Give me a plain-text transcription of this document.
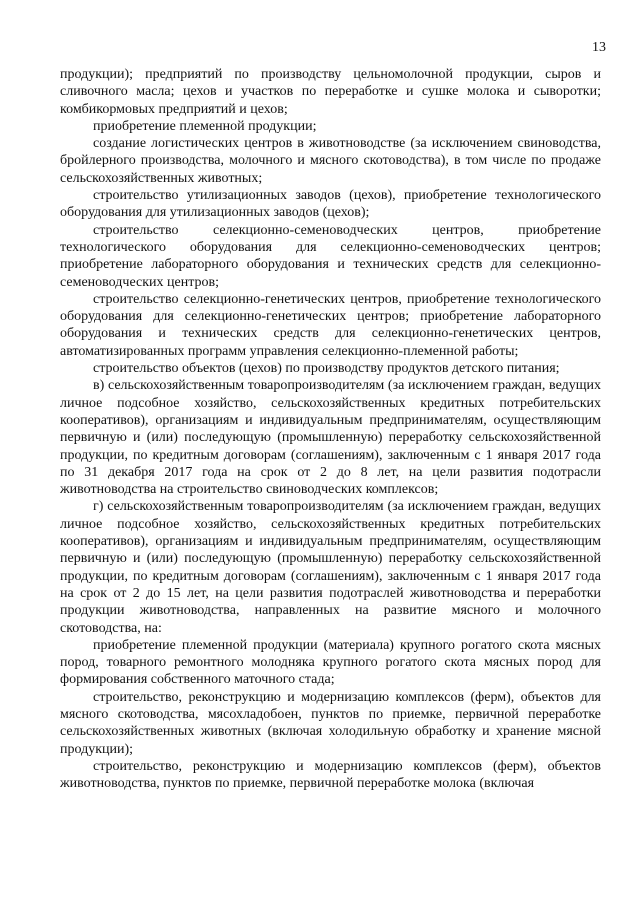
13

продукции); предприятий по производству цельномолочной продукции, сыров и сливочного масла; цехов и участков по переработке и сушке молока и сыворотки; комбикормовых предприятий и цехов;

приобретение племенной продукции;

создание логистических центров в животноводстве (за исключением свиноводства, бройлерного производства, молочного и мясного скотоводства), в том числе по продаже сельскохозяйственных животных;

строительство утилизационных заводов (цехов), приобретение технологического оборудования для утилизационных заводов (цехов);

строительство селекционно-семеноводческих центров, приобретение технологического оборудования для селекционно-семеноводческих центров; приобретение лабораторного оборудования и технических средств для селекционно-семеноводческих центров;

строительство селекционно-генетических центров, приобретение технологического оборудования для селекционно-генетических центров; приобретение лабораторного оборудования и технических средств для селекционно-генетических центров, автоматизированных программ управления селекционно-племенной работы;

строительство объектов (цехов) по производству продуктов детского питания;

в) сельскохозяйственным товаропроизводителям (за исключением граждан, ведущих личное подсобное хозяйство, сельскохозяйственных кредитных потребительских кооперативов), организациям и индивидуальным предпринимателям, осуществляющим первичную и (или) последующую (промышленную) переработку сельскохозяйственной продукции, по кредитным договорам (соглашениям), заключенным с 1 января 2017 года по 31 декабря 2017 года на срок от 2 до 8 лет, на цели развития подотрасли животноводства на строительство свиноводческих комплексов;

г) сельскохозяйственным товаропроизводителям (за исключением граждан, ведущих личное подсобное хозяйство, сельскохозяйственных кредитных потребительских кооперативов), организациям и индивидуальным предпринимателям, осуществляющим первичную и (или) последующую (промышленную) переработку сельскохозяйственной продукции, по кредитным договорам (соглашениям), заключенным с 1 января 2017 года на срок от 2 до 15 лет, на цели развития подотраслей животноводства и переработки продукции животноводства, направленных на развитие мясного и молочного скотоводства, на:

приобретение племенной продукции (материала) крупного рогатого скота мясных пород, товарного ремонтного молодняка крупного рогатого скота мясных пород для формирования собственного маточного стада;

строительство, реконструкцию и модернизацию комплексов (ферм), объектов для мясного скотоводства, мясохладобоен, пунктов по приемке, первичной переработке сельскохозяйственных животных (включая холодильную обработку и хранение мясной продукции);

строительство, реконструкцию и модернизацию комплексов (ферм), объектов животноводства, пунктов по приемке, первичной переработке молока (включая
